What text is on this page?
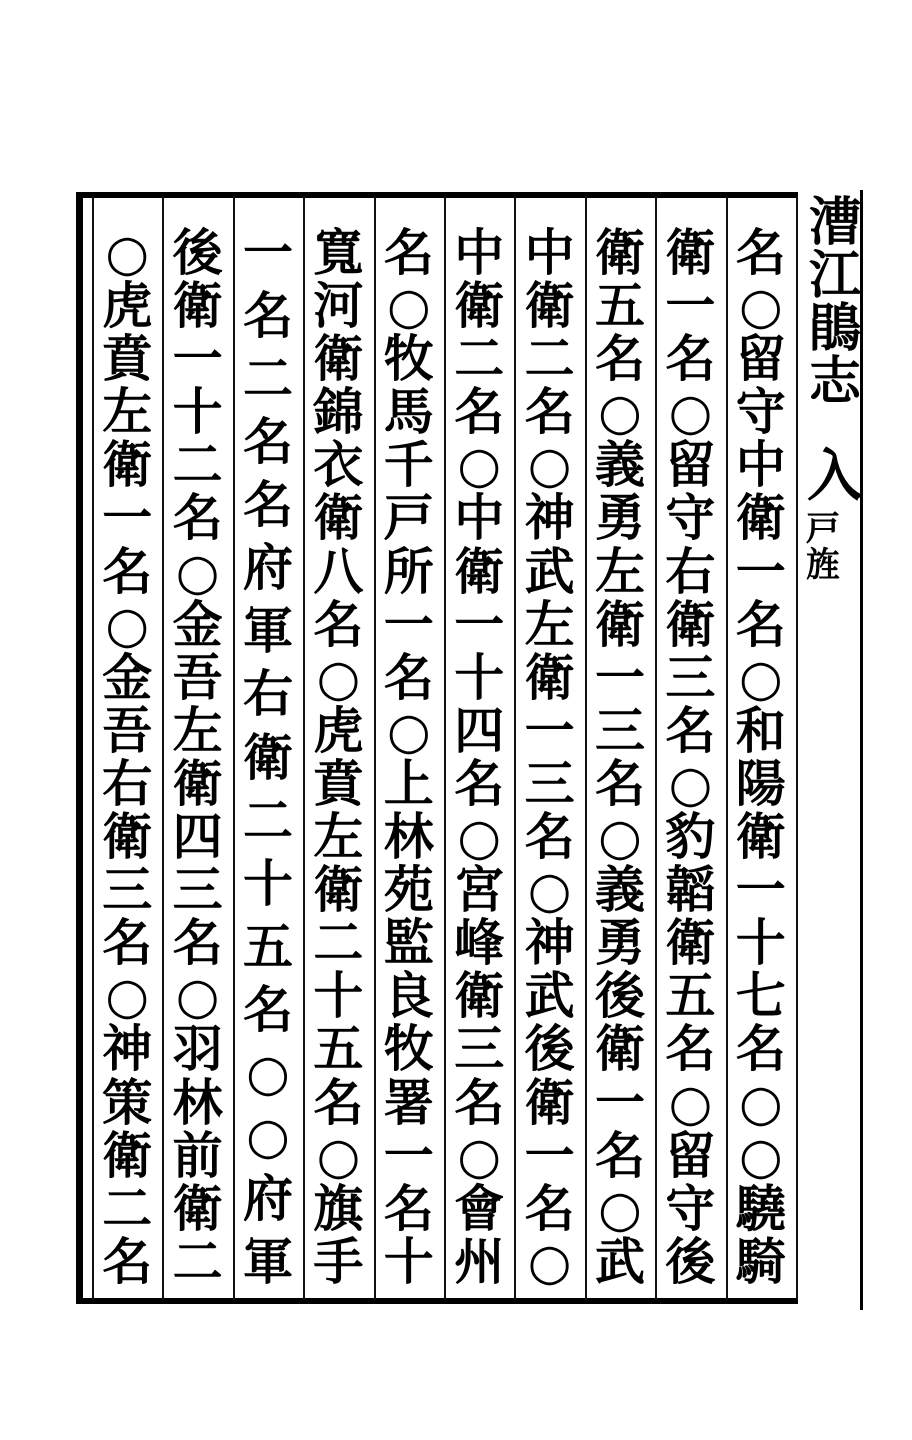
漕
江
鵑
志
入
戸旌
名
○
留
守
中
衛
一
名
○
和
陽
衛
一
十
七
名
○
○
驍
騎
衛
一
名
○
留
守
右
衛
三
名
○
豹
韜
衛
五
名
○
留
守
後
衛
五
名
○
義
勇
左
衛
一
三
名
○
義
勇
後
衛
一
名
○
武
中
衛
二
名
○
神
武
左
衛
一
三
名
○
神
武
後
衛
一
名
○
中
衛
二
名
○
中
衛
一
十
四
名
○
宮
峰
衛
三
名
○
會
州
名
○
牧
馬
千
戸
所
一
名
○
上
林
苑
監
良
牧
署
一
名
十
寬
河
衛
錦
衣
衛
八
名
○
虎
賁
左
衛
二
十
五
名
○
旗
手
一
名
二
名
名
府
軍
右
衛
二
十
五
名
○
○
府
軍
後
衛
一
十
二
名
○
金
吾
左
衛
四
三
名
○
羽
林
前
衛
二
○
虎
賁
左
衛
一
名
○
金
吾
右
衛
三
名
○
神
策
衛
二
名
